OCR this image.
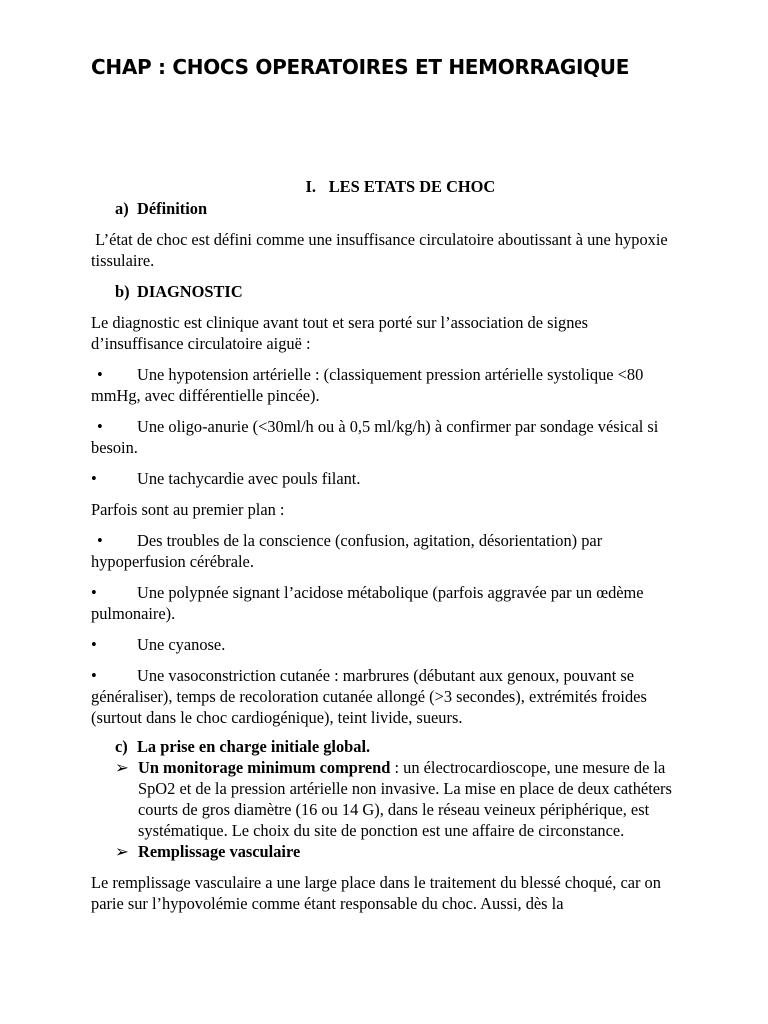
CHAP : CHOCS OPERATOIRES ET HEMORRAGIQUE
I. LES ETATS DE CHOC
a) Définition

L’état de choc est défini comme une insuffisance circulatoire aboutissant à une hypoxie tissulaire.

b) DIAGNOSTIC

Le diagnostic est clinique avant tout et sera porté sur l’association de signes d’insuffisance circulatoire aiguë :

• Une hypotension artérielle : (classiquement pression artérielle systolique <80 mmHg, avec différentielle pincée).

• Une oligo-anurie (<30ml/h ou à 0,5 ml/kg/h) à confirmer par sondage vésical si besoin.

• Une tachycardie avec pouls filant.

Parfois sont au premier plan :

• Des troubles de la conscience (confusion, agitation, désorientation) par hypoperfusion cérébrale.

• Une polypnée signant l’acidose métabolique (parfois aggravée par un œdème pulmonaire).

• Une cyanose.

• Une vasoconstriction cutanée : marbrures (débutant aux genoux, pouvant se généraliser), temps de recoloration cutanée allongé (>3 secondes), extrémités froides (surtout dans le choc cardiogénique), teint livide, sueurs.

c) La prise en charge initiale global.
➢ Un monitorage minimum comprend : un électrocardioscope, une mesure de la SpO2 et de la pression artérielle non invasive. La mise en place de deux cathéters courts de gros diamètre (16 ou 14 G), dans le réseau veineux périphérique, est systématique. Le choix du site de ponction est une affaire de circonstance.
➢ Remplissage vasculaire

Le remplissage vasculaire a une large place dans le traitement du blessé choqué, car on parie sur l’hypovolémie comme étant responsable du choc. Aussi, dès la
